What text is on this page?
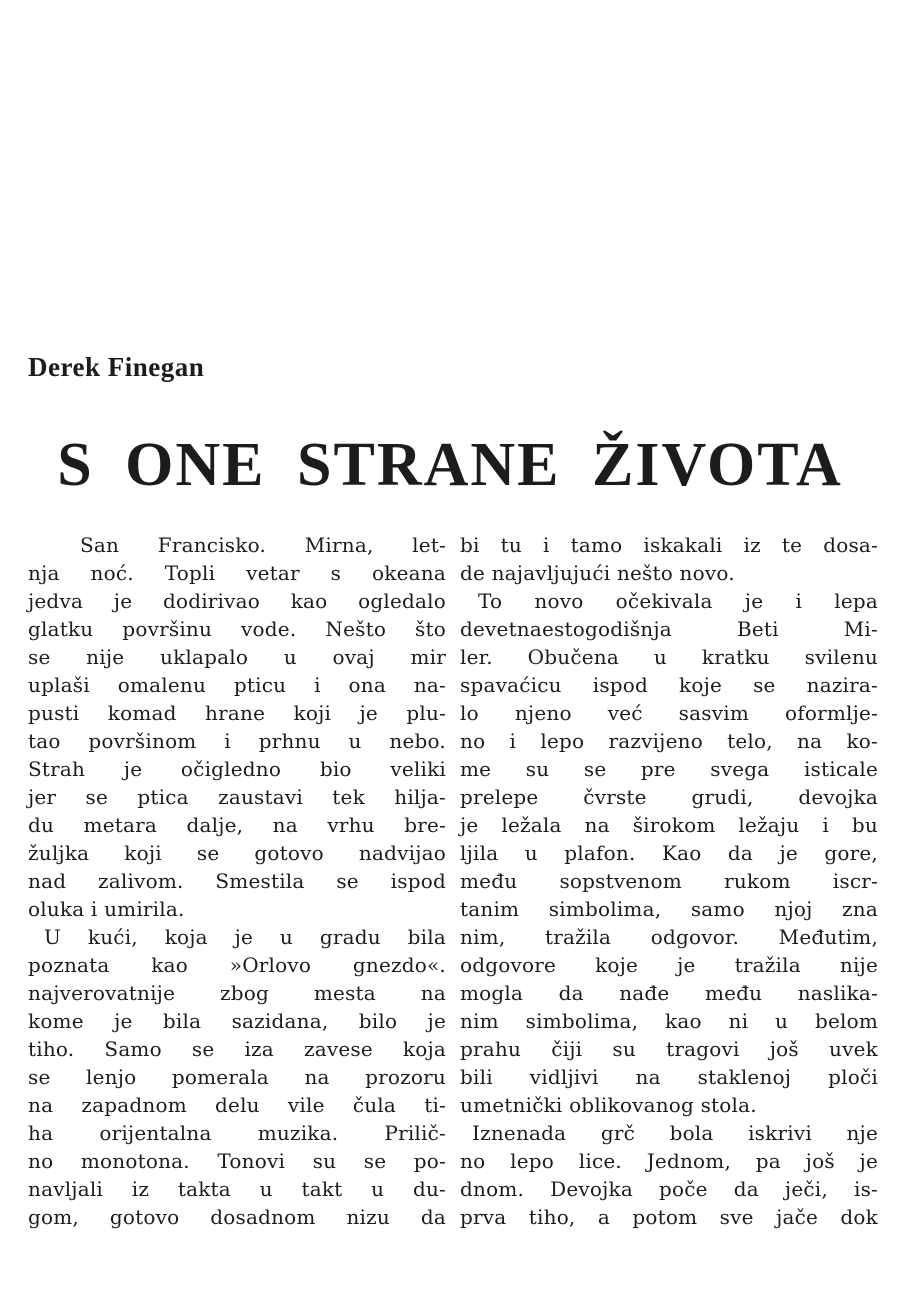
Derek Finegan
S ONE STRANE ŽIVOTA
San Francisko. Mirna, let-
nja noć. Topli vetar s okeana
jedva je dodirivao kao ogledalo
glatku površinu vode. Nešto što
se nije uklapalo u ovaj mir
uplaši omalenu pticu i ona na-
pusti komad hrane koji je plu-
tao površinom i prhnu u nebo.
Strah je očigledno bio veliki
jer se ptica zaustavi tek hilja-
du metara dalje, na vrhu bre-
žuljka koji se gotovo nadvijao
nad zalivom. Smestila se ispod
oluka i umirila.
U kući, koja je u gradu bila
poznata kao »Orlovo gnezdo«.
najverovatnije zbog mesta na
kome je bila sazidana, bilo je
tiho. Samo se iza zavese koja
se lenjo pomerala na prozoru
na zapadnom delu vile čula ti-
ha orijentalna muzika. Prilič-
no monotona. Tonovi su se po-
navljali iz takta u takt u du-
gom, gotovo dosadnom nizu da
bi tu i tamo iskakali iz te dosa-
de najavljujući nešto novo.
To novo očekivala je i lepa
devetnaestogodišnja Beti Mi-
ler. Obučena u kratku svilenu
spavaćicu ispod koje se nazira-
lo njeno već sasvim oformlje-
no i lepo razvijeno telo, na ko-
me su se pre svega isticale
prelepe čvrste grudi, devojka
je ležala na širokom ležaju i bu
ljila u plafon. Kao da je gore,
među sopstvenom rukom iscr-
tanim simbolima, samo njoj zna
nim, tražila odgovor. Međutim,
odgovore koje je tražila nije
mogla da nađe među naslika-
nim simbolima, kao ni u belom
prahu čiji su tragovi još uvek
bili vidljivi na staklenoj ploči
umetnički oblikovanog stola.
Iznenada grč bola iskrivi nje
no lepo lice. Jednom, pa još je
dnom. Devojka poče da ječi, is-
prva tiho, a potom sve jače dok
